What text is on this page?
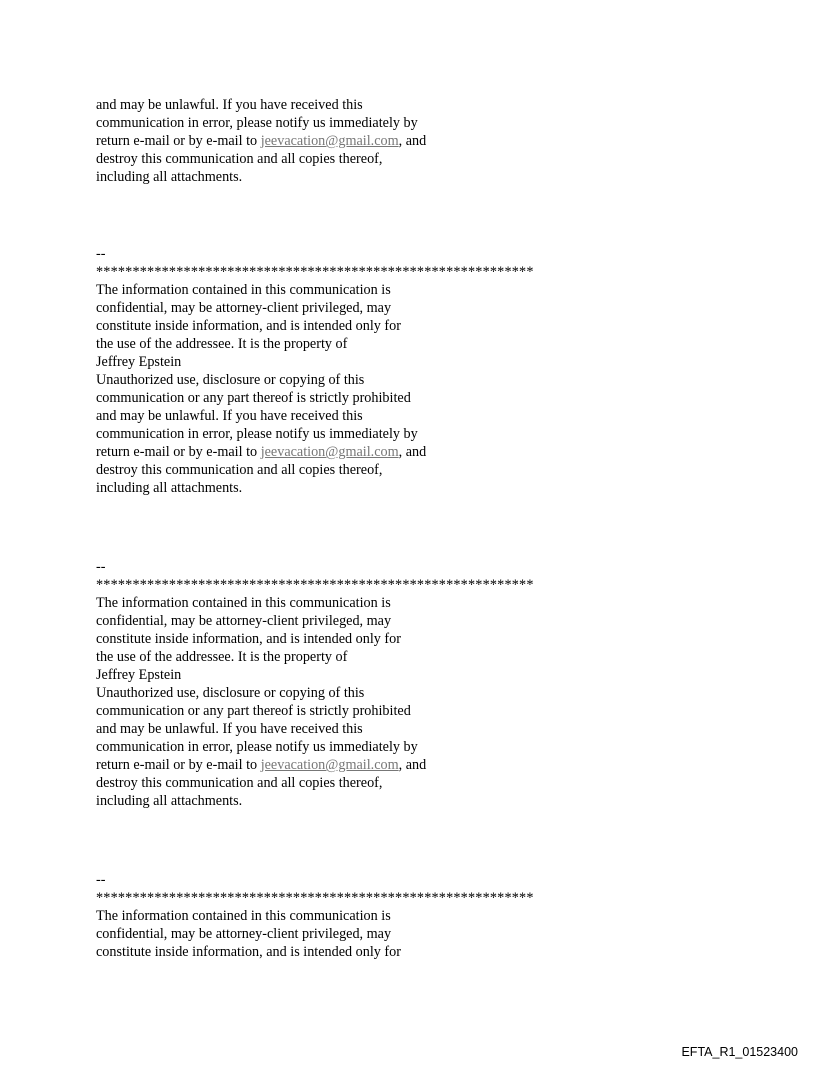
and may be unlawful. If you have received this
communication in error, please notify us immediately by
return e-mail or by e-mail to jeevacation@gmail.com, and
destroy this communication and all copies thereof,
including all attachments.
--
************************************************************
The information contained in this communication is
confidential, may be attorney-client privileged, may
constitute inside information, and is intended only for
the use of the addressee. It is the property of
Jeffrey Epstein
Unauthorized use, disclosure or copying of this
communication or any part thereof is strictly prohibited
and may be unlawful. If you have received this
communication in error, please notify us immediately by
return e-mail or by e-mail to jeevacation@gmail.com, and
destroy this communication and all copies thereof,
including all attachments.
--
************************************************************
The information contained in this communication is
confidential, may be attorney-client privileged, may
constitute inside information, and is intended only for
the use of the addressee. It is the property of
Jeffrey Epstein
Unauthorized use, disclosure or copying of this
communication or any part thereof is strictly prohibited
and may be unlawful. If you have received this
communication in error, please notify us immediately by
return e-mail or by e-mail to jeevacation@gmail.com, and
destroy this communication and all copies thereof,
including all attachments.
--
************************************************************
The information contained in this communication is
confidential, may be attorney-client privileged, may
constitute inside information, and is intended only for
EFTA_R1_01523400
